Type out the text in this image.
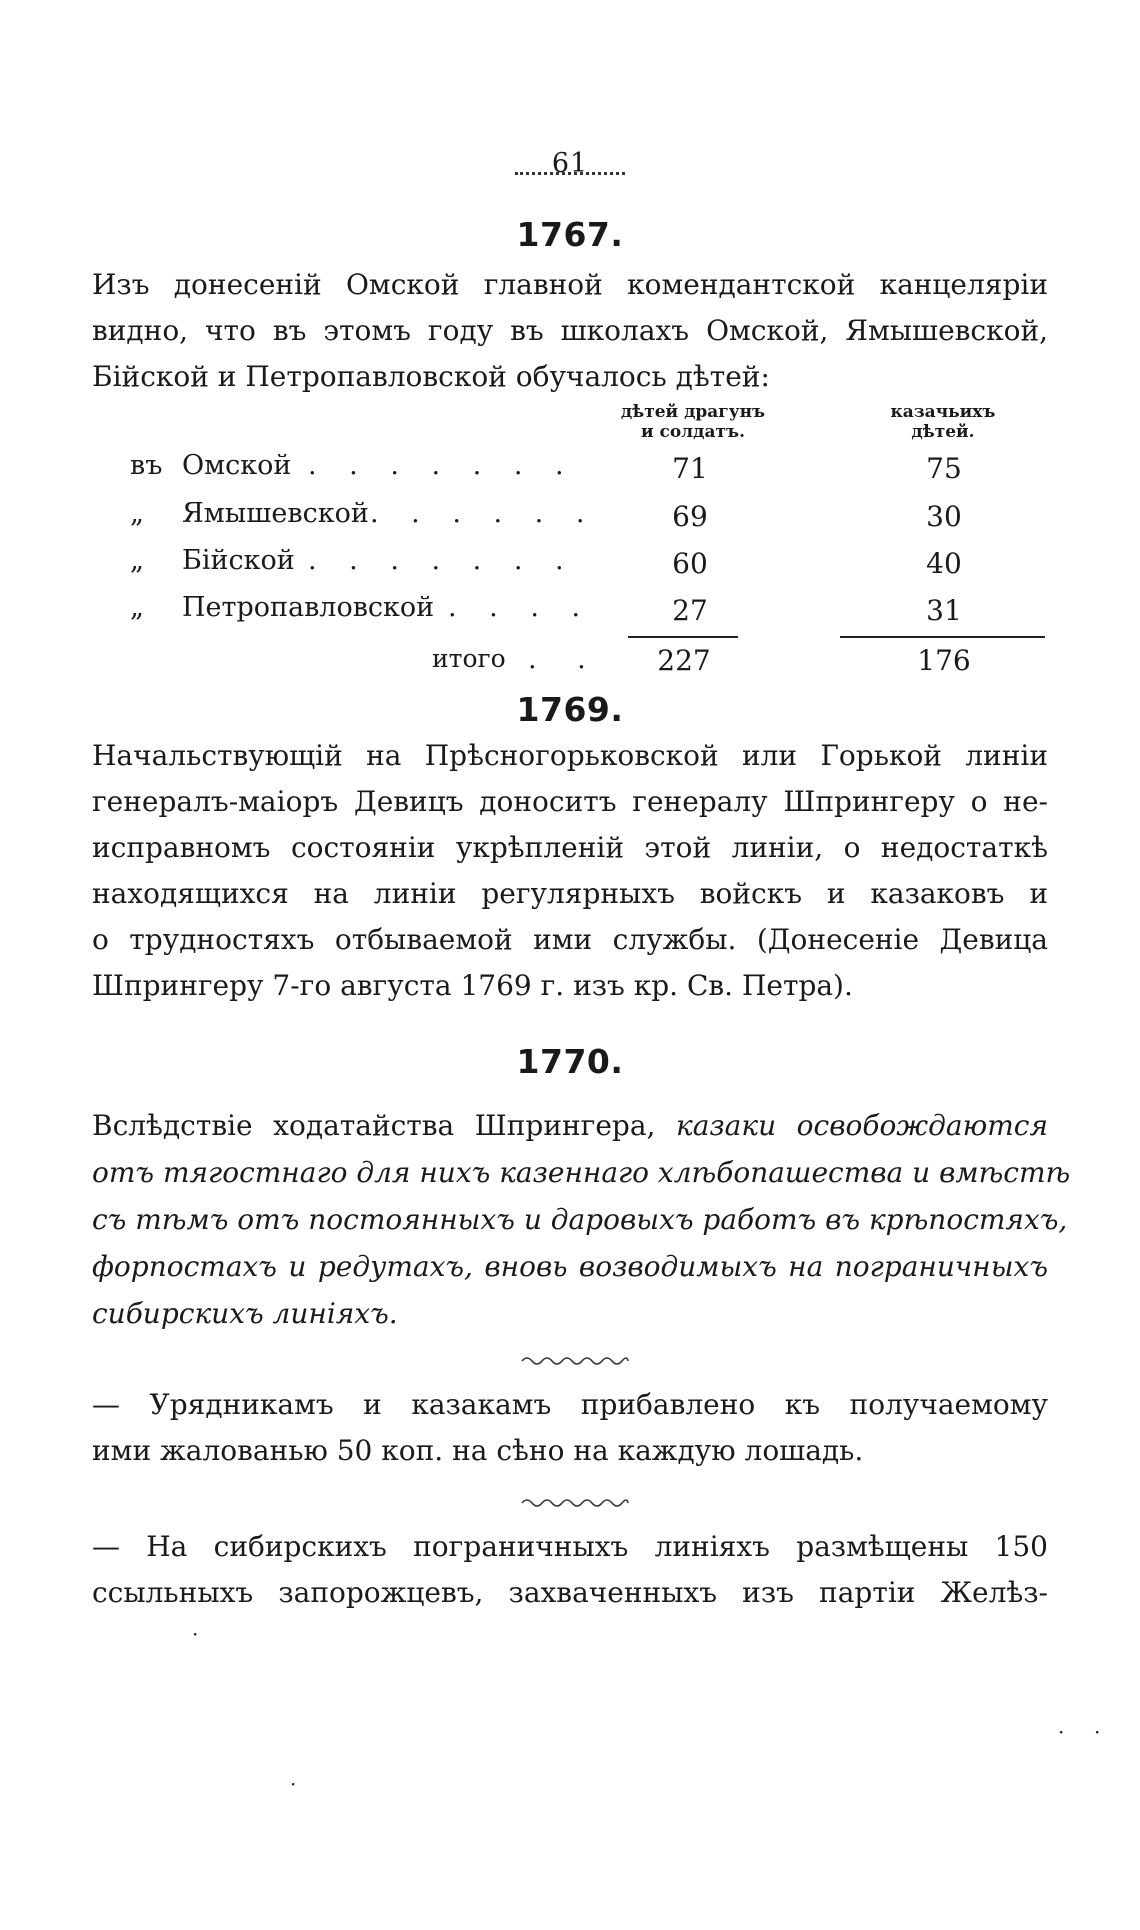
61
1767.
Изъ донесеній Омской главной комендантской канцеляріи
видно, что въ этомъ году въ школахъ Омской, Ямышевской,
Бійской и Петропавловской обучалось дѣтей:
дѣтей драгунъ
и солдатъ.
казачьихъ
дѣтей.
въ Омской . . . . . . .	71	75
„ Ямышевской . . . . . .	69	30
„ Бійской . . . . . . .	60	40
„ Петропавловской . . . .	27	31
итого . .	227	176
1769.
Начальствующій на Прѣсногорьковской или Горькой линіи
генералъ-маіоръ Девицъ доноситъ генералу Шпрингеру о не-
исправномъ состояніи укрѣпленій этой линіи, о недостаткѣ
находящихся на линіи регулярныхъ войскъ и казаковъ и
о трудностяхъ отбываемой ими службы. (Донесеніе Девица
Шпрингеру 7-го августа 1769 г. изъ кр. Св. Петра).
1770.
Вслѣдствіе ходатайства Шпрингера, казаки освобождаются
отъ тягостнаго для нихъ казеннаго хлѣбопашества и вмѣстѣ
съ тѣмъ отъ постоянныхъ и даровыхъ работъ въ крѣпостяхъ,
форпостахъ и редутахъ, вновь возводимыхъ на пограничныхъ
сибирскихъ линіяхъ.
— Урядникамъ и казакамъ прибавлено къ получаемому
ими жалованью 50 коп. на сѣно на каждую лошадь.
— На сибирскихъ пограничныхъ линіяхъ размѣщены 150
ссыльныхъ запорожцевъ, захваченныхъ изъ партіи Желѣз-
·
· ·
·
